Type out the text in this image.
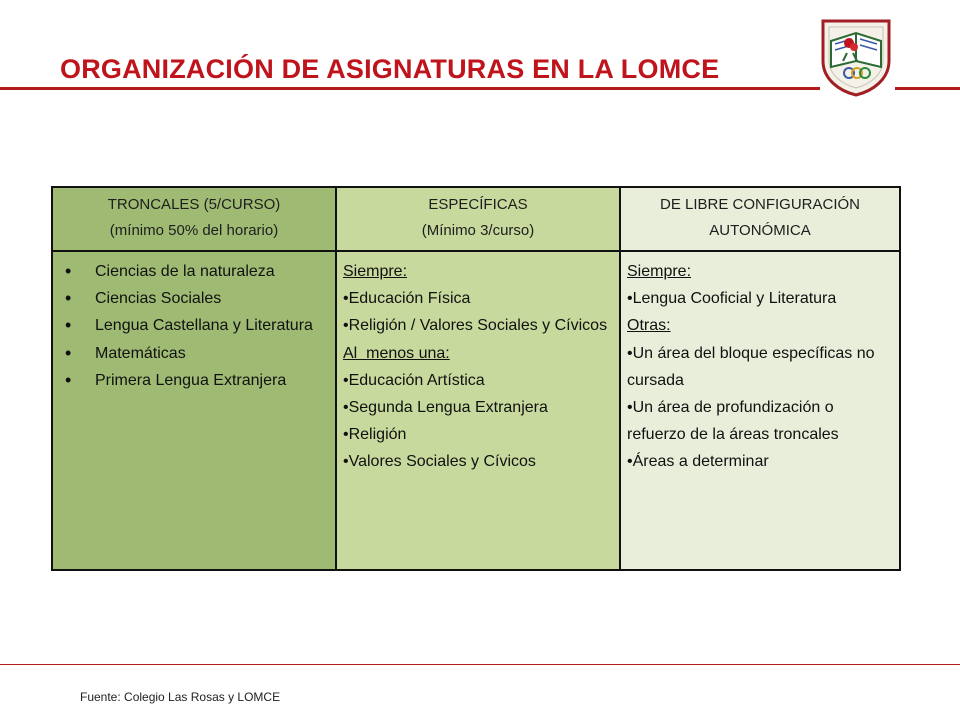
ORGANIZACIÓN DE ASIGNATURAS EN LA LOMCE
TRONCALES (5/CURSO)
(mínimo 50% del horario)
ESPECÍFICAS
(Mínimo 3/curso)
DE LIBRE CONFIGURACIÓN
AUTONÓMICA
• Ciencias de la naturaleza
• Ciencias Sociales
• Lengua Castellana y Literatura
• Matemáticas
• Primera Lengua Extranjera
Siempre:
•Educación Física
•Religión / Valores Sociales y Cívicos
Al  menos una:
•Educación Artística
•Segunda Lengua Extranjera
•Religión
•Valores Sociales y Cívicos
Siempre:
•Lengua Cooficial y Literatura
Otras:
•Un área del bloque específicas no cursada
•Un área de profundización o refuerzo de la áreas troncales
•Áreas a determinar
Fuente: Colegio Las Rosas y LOMCE
